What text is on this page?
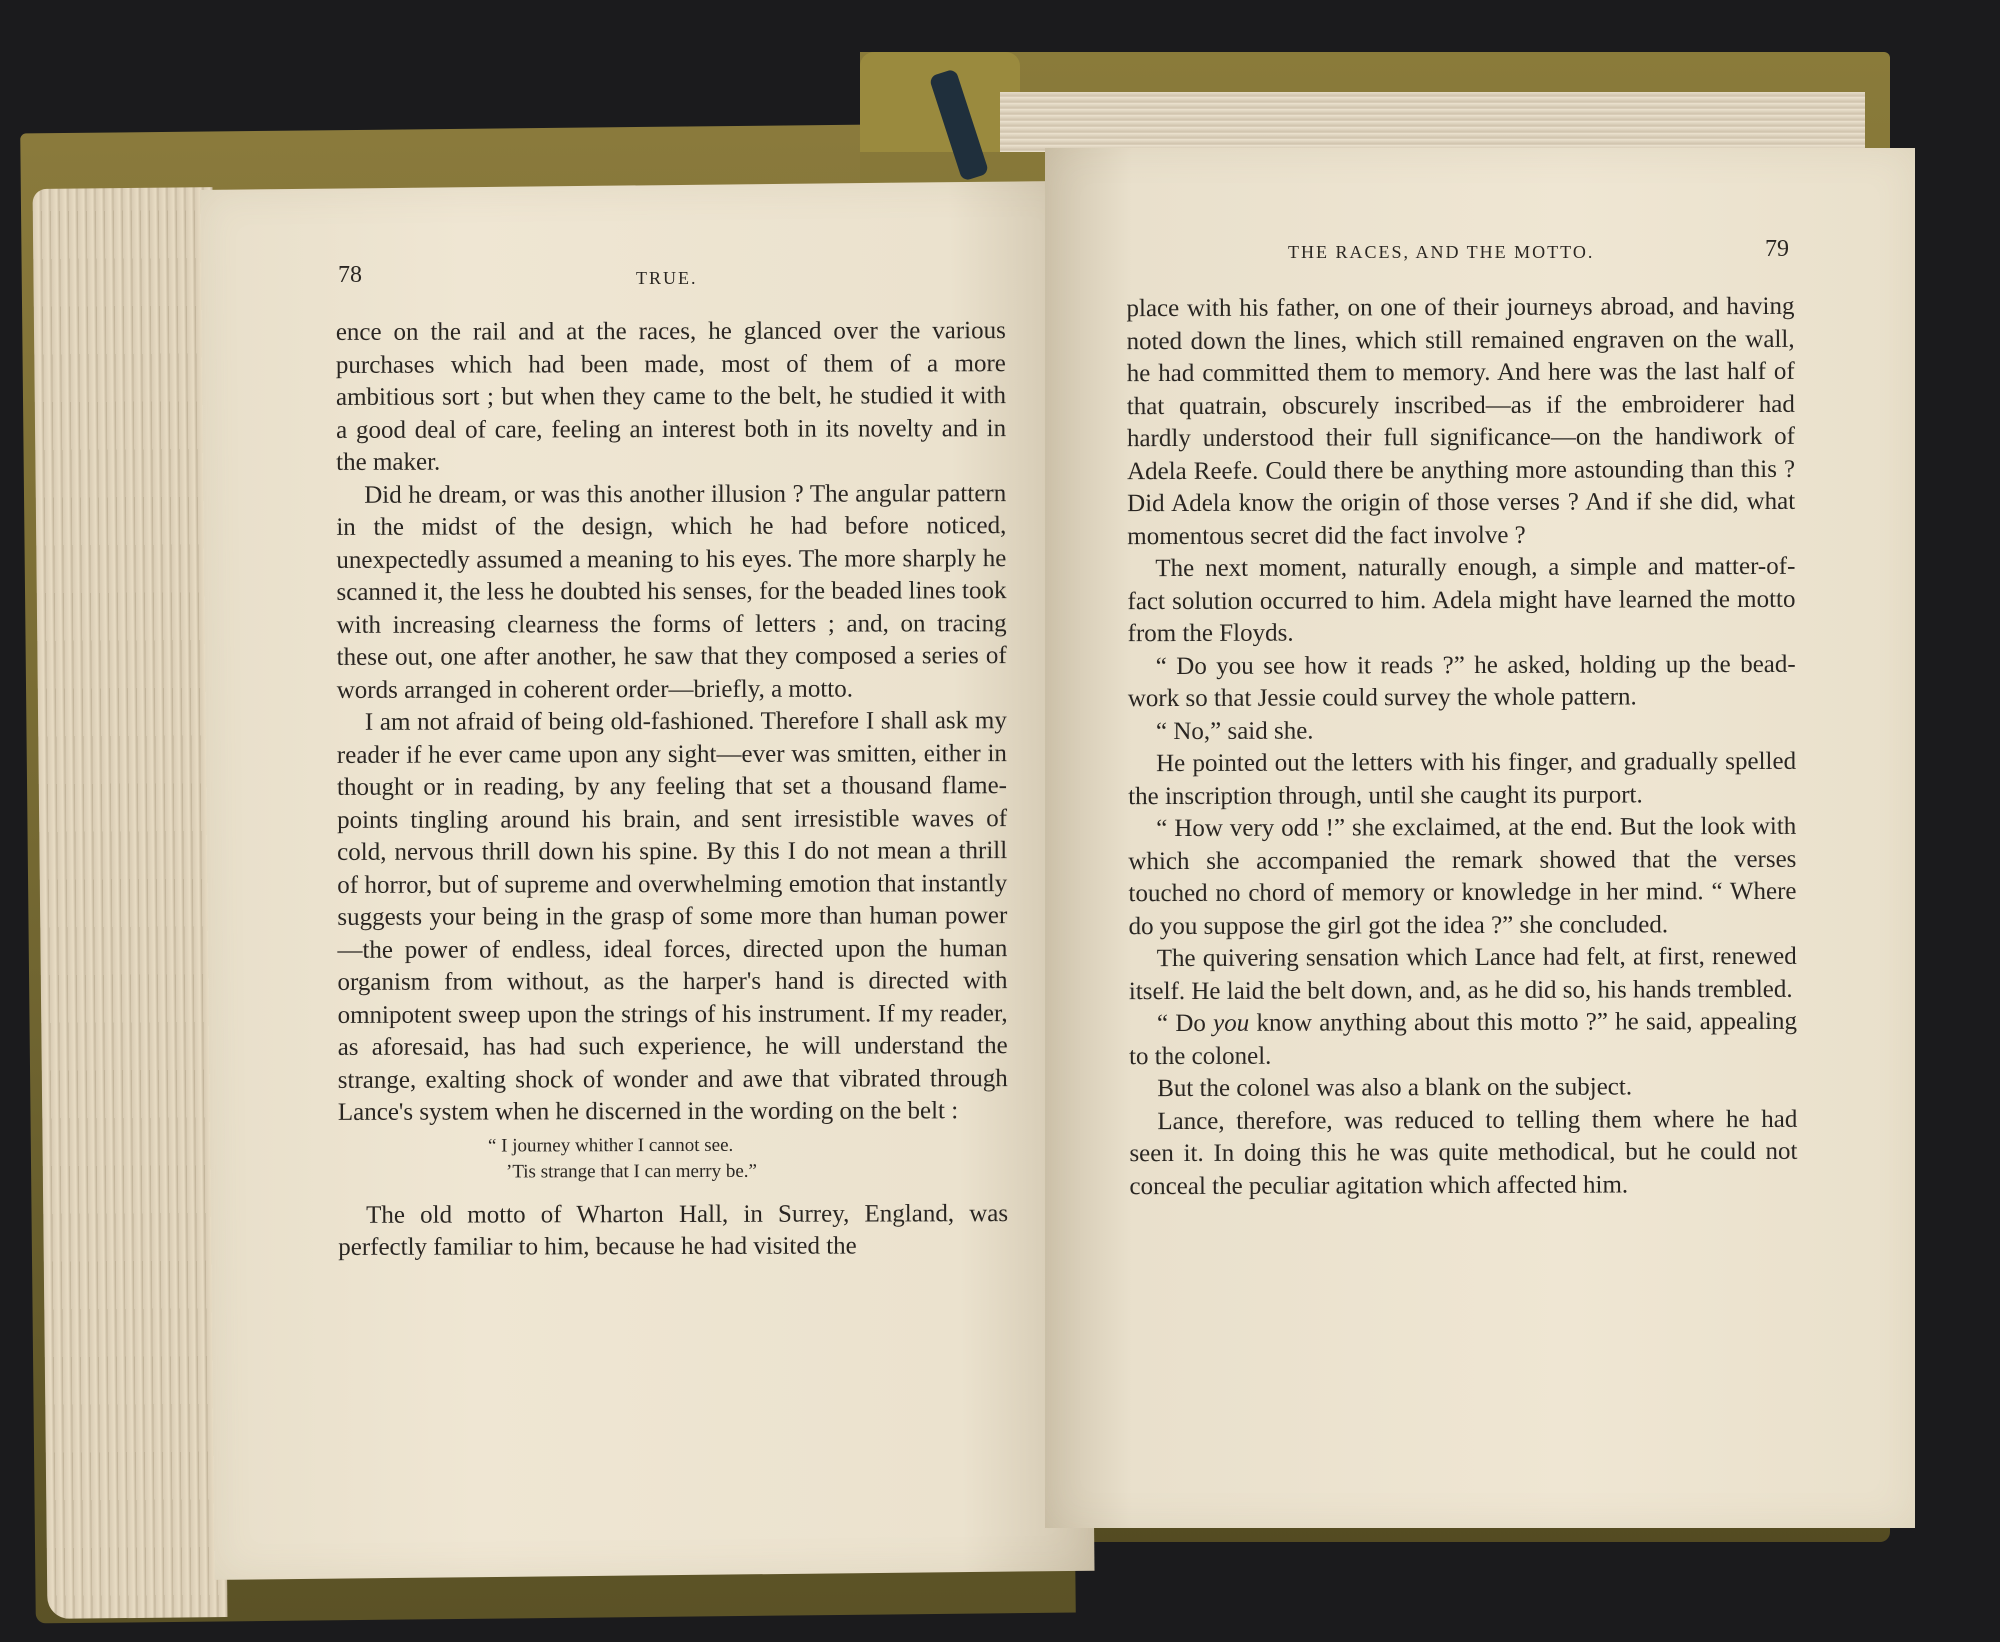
78	TRUE.

ence on the rail and at the races, he glanced over the various purchases which had been made, most of them of a more ambitious sort ; but when they came to the belt, he studied it with a good deal of care, feeling an interest both in its novelty and in the maker.

Did he dream, or was this another illusion ? The angular pattern in the midst of the design, which he had before noticed, unexpectedly assumed a meaning to his eyes. The more sharply he scanned it, the less he doubted his senses, for the beaded lines took with increasing clearness the forms of letters ; and, on tracing these out, one after another, he saw that they composed a series of words arranged in coherent order—briefly, a motto.

I am not afraid of being old-fashioned. Therefore I shall ask my reader if he ever came upon any sight—ever was smitten, either in thought or in reading, by any feeling that set a thousand flame-points tingling around his brain, and sent irresistible waves of cold, nervous thrill down his spine. By this I do not mean a thrill of horror, but of supreme and overwhelming emotion that instantly suggests your being in the grasp of some more than human power—the power of endless, ideal forces, directed upon the human organism from without, as the harper's hand is directed with omnipotent sweep upon the strings of his instrument. If my reader, as aforesaid, has had such experience, he will understand the strange, exalting shock of wonder and awe that vibrated through Lance's system when he discerned in the wording on the belt :

“ I journey whither I cannot see.

’Tis strange that I can merry be.”

The old motto of Wharton Hall, in Surrey, England, was perfectly familiar to him, because he had visited the

THE RACES, AND THE MOTTO.	79

place with his father, on one of their journeys abroad, and having noted down the lines, which still remained engraven on the wall, he had committed them to memory. And here was the last half of that quatrain, obscurely inscribed—as if the embroiderer had hardly understood their full significance—on the handiwork of Adela Reefe. Could there be anything more astounding than this ? Did Adela know the origin of those verses ? And if she did, what momentous secret did the fact involve ?

The next moment, naturally enough, a simple and matter-of-fact solution occurred to him. Adela might have learned the motto from the Floyds.

“ Do you see how it reads ?” he asked, holding up the bead-work so that Jessie could survey the whole pattern.

“ No,” said she.

He pointed out the letters with his finger, and gradually spelled the inscription through, until she caught its purport.

“ How very odd !” she exclaimed, at the end. But the look with which she accompanied the remark showed that the verses touched no chord of memory or knowledge in her mind. “ Where do you suppose the girl got the idea ?” she concluded.

The quivering sensation which Lance had felt, at first, renewed itself. He laid the belt down, and, as he did so, his hands trembled.

“ Do you know anything about this motto ?” he said, appealing to the colonel.

But the colonel was also a blank on the subject.

Lance, therefore, was reduced to telling them where he had seen it. In doing this he was quite methodical, but he could not conceal the peculiar agitation which affected him.
